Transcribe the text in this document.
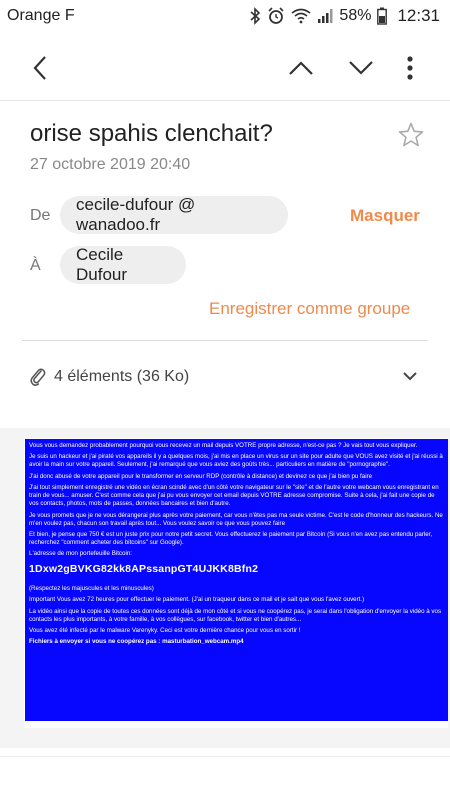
Orange F	58% 12:31
orise spahis clenchait?
27 octobre 2019 20:40
De
cecile-dufour @ wanadoo.fr	Masquer
À
Cecile Dufour
Enregistrer comme groupe
4 éléments (36 Ko)

Vous vous demandez probablement pourquoi vous recevez un mail depuis VOTRE propre adresse, n'est-ce pas ? Je vais tout vous expliquer.

Je suis un hackeur et j'ai piraté vos appareils il y a quelques mois, j'ai mis en place un virus sur un site pour adulte que VOUS avez visité et j'ai réussi à avoir la main sur votre appareil. Seulement, j'ai remarqué que vous aviez des goûts très... particuliers en matière de "pornographie".

J'ai donc abusé de votre appareil pour le transformer en serveur RDP (contrôle à distance) et devinez ce que j'ai bien pu faire

J'ai tout simplement enregistré une vidéo en écran scindé avec d'un côté votre navigateur sur le "site" et de l'autre votre webcam vous enregistrant en train de vous... amuser. C'est comme cela que j'ai pu vous envoyer cet email depuis VOTRE adresse compromise. Suite à cela, j'ai fait une copie de vos contacts, photos, mots de passes, données bancaires et bien d'autre.

Je vous promets que je ne vous dérangerai plus après votre paiement, car vous n'êtes pas ma seule victime. C'est le code d'honneur des hackeurs. Ne m'en voulez pas, chacun son travail après tout... Vous voulez savoir ce que vous pouvez faire

Et bien, je pense que 750 € est un juste prix pour notre petit secret. Vous effectuerez le paiement par Bitcoin (Si vous n'en avez pas entendu parler, recherchez "comment acheter des bitcoins" sur Google).

L'adresse de mon portefeuille Bitcoin:

1Dxw2gBVKG82kk8APssanpGT4UJKK8Bfn2

(Respectez les majuscules et les minuscules)

Important Vous avez 72 heures pour effectuer le paiement. (J'ai un traqueur dans ce mail et je sait que vous l'avez ouvert.)

La vidéo ainsi que la copie de toutes ces données sont déjà de mon côté et si vous ne coopérez pas, je serai dans l'obligation d'envoyer la vidéo à vos contacts les plus importants, à votre famille, à vos collègues, sur facebook, twitter et bien d'autres...

Vous avez été infecté par le malware Varenyky. Ceci est votre dernière chance pour vous en sortir !

Fichiers à envoyer si vous ne coopérez pas : masturbation_webcam.mp4
